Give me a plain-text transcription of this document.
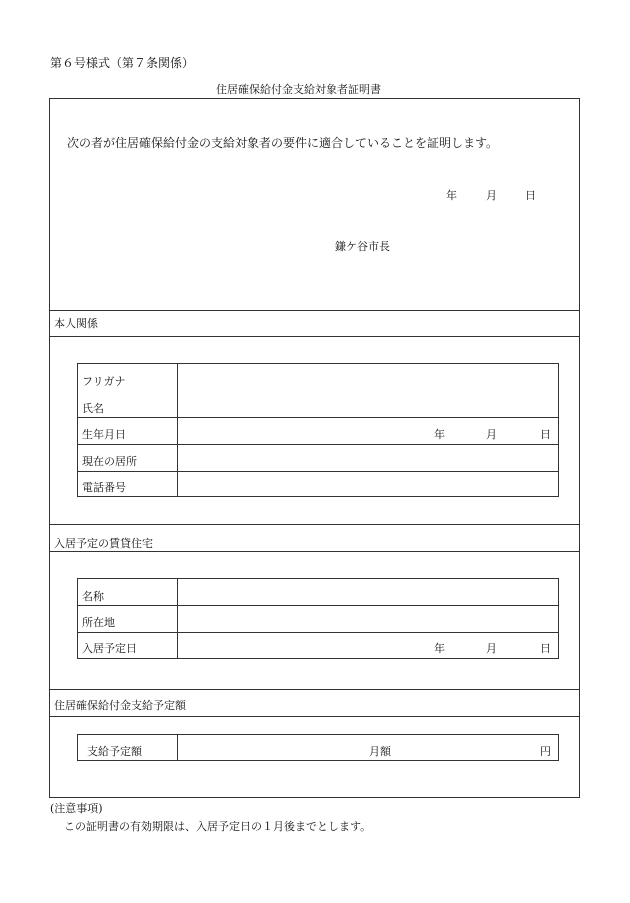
第６号様式（第７条関係）
住居確保給付金支給対象者証明書
次の者が住居確保給付金の支給対象者の要件に適合していることを証明します。
年	月	日
鎌ケ谷市長
本人関係
フリガナ
氏名
生年月日	年	月	日
現在の居所
電話番号
入居予定の賃貸住宅
名称
所在地
入居予定日	年	月	日
住居確保給付金支給予定額
支給予定額	月額	円
(注意事項)
この証明書の有効期限は、入居予定日の１月後までとします。
